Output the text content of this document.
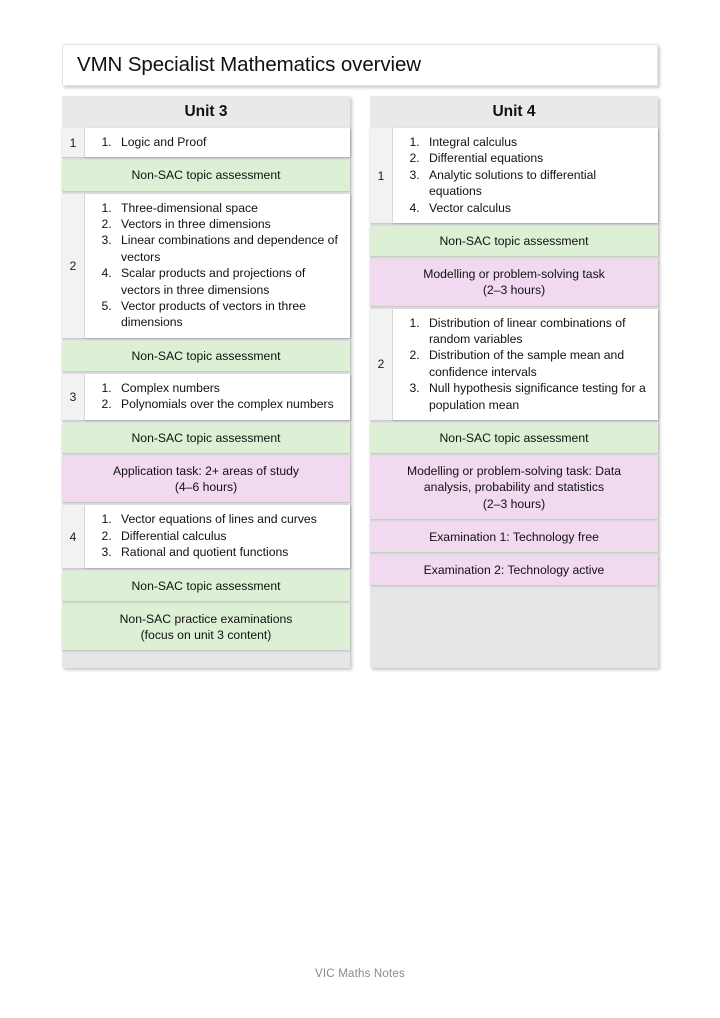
VMN Specialist Mathematics overview
Unit 3
1	1. Logic and Proof
Non-SAC topic assessment
2
1. Three-dimensional space
2. Vectors in three dimensions
3. Linear combinations and dependence of vectors
4. Scalar products and projections of vectors in three dimensions
5. Vector products of vectors in three dimensions
Non-SAC topic assessment
3
1. Complex numbers
2. Polynomials over the complex numbers
Non-SAC topic assessment
Application task: 2+ areas of study
(4–6 hours)
4
1. Vector equations of lines and curves
2. Differential calculus
3. Rational and quotient functions
Non-SAC topic assessment
Non-SAC practice examinations
(focus on unit 3 content)
Unit 4
1
1. Integral calculus
2. Differential equations
3. Analytic solutions to differential equations
4. Vector calculus
Non-SAC topic assessment
Modelling or problem-solving task
(2–3 hours)
2
1. Distribution of linear combinations of random variables
2. Distribution of the sample mean and confidence intervals
3. Null hypothesis significance testing for a population mean
Non-SAC topic assessment
Modelling or problem-solving task: Data
analysis, probability and statistics
(2–3 hours)
Examination 1: Technology free
Examination 2: Technology active
VIC Maths Notes
